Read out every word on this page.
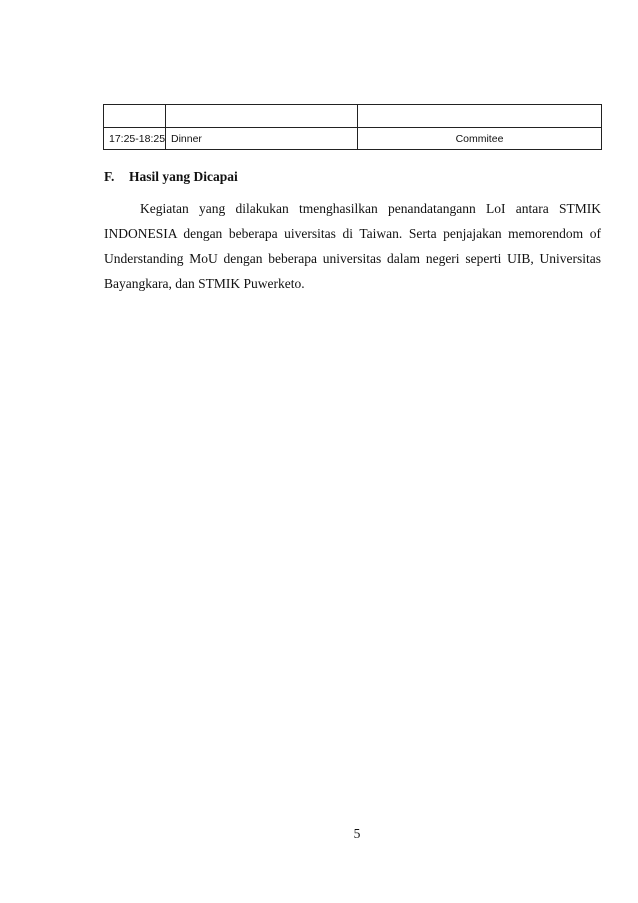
17:25-18:25	Dinner	Commitee
F. Hasil yang Dicapai

Kegiatan yang dilakukan tmenghasilkan penandatangann LoI antara STMIK INDONESIA dengan beberapa uiversitas di Taiwan. Serta penjajakan memorendom of Understanding MoU dengan beberapa universitas dalam negeri seperti UIB, Universitas Bayangkara, dan STMIK Puwerketo.

5
